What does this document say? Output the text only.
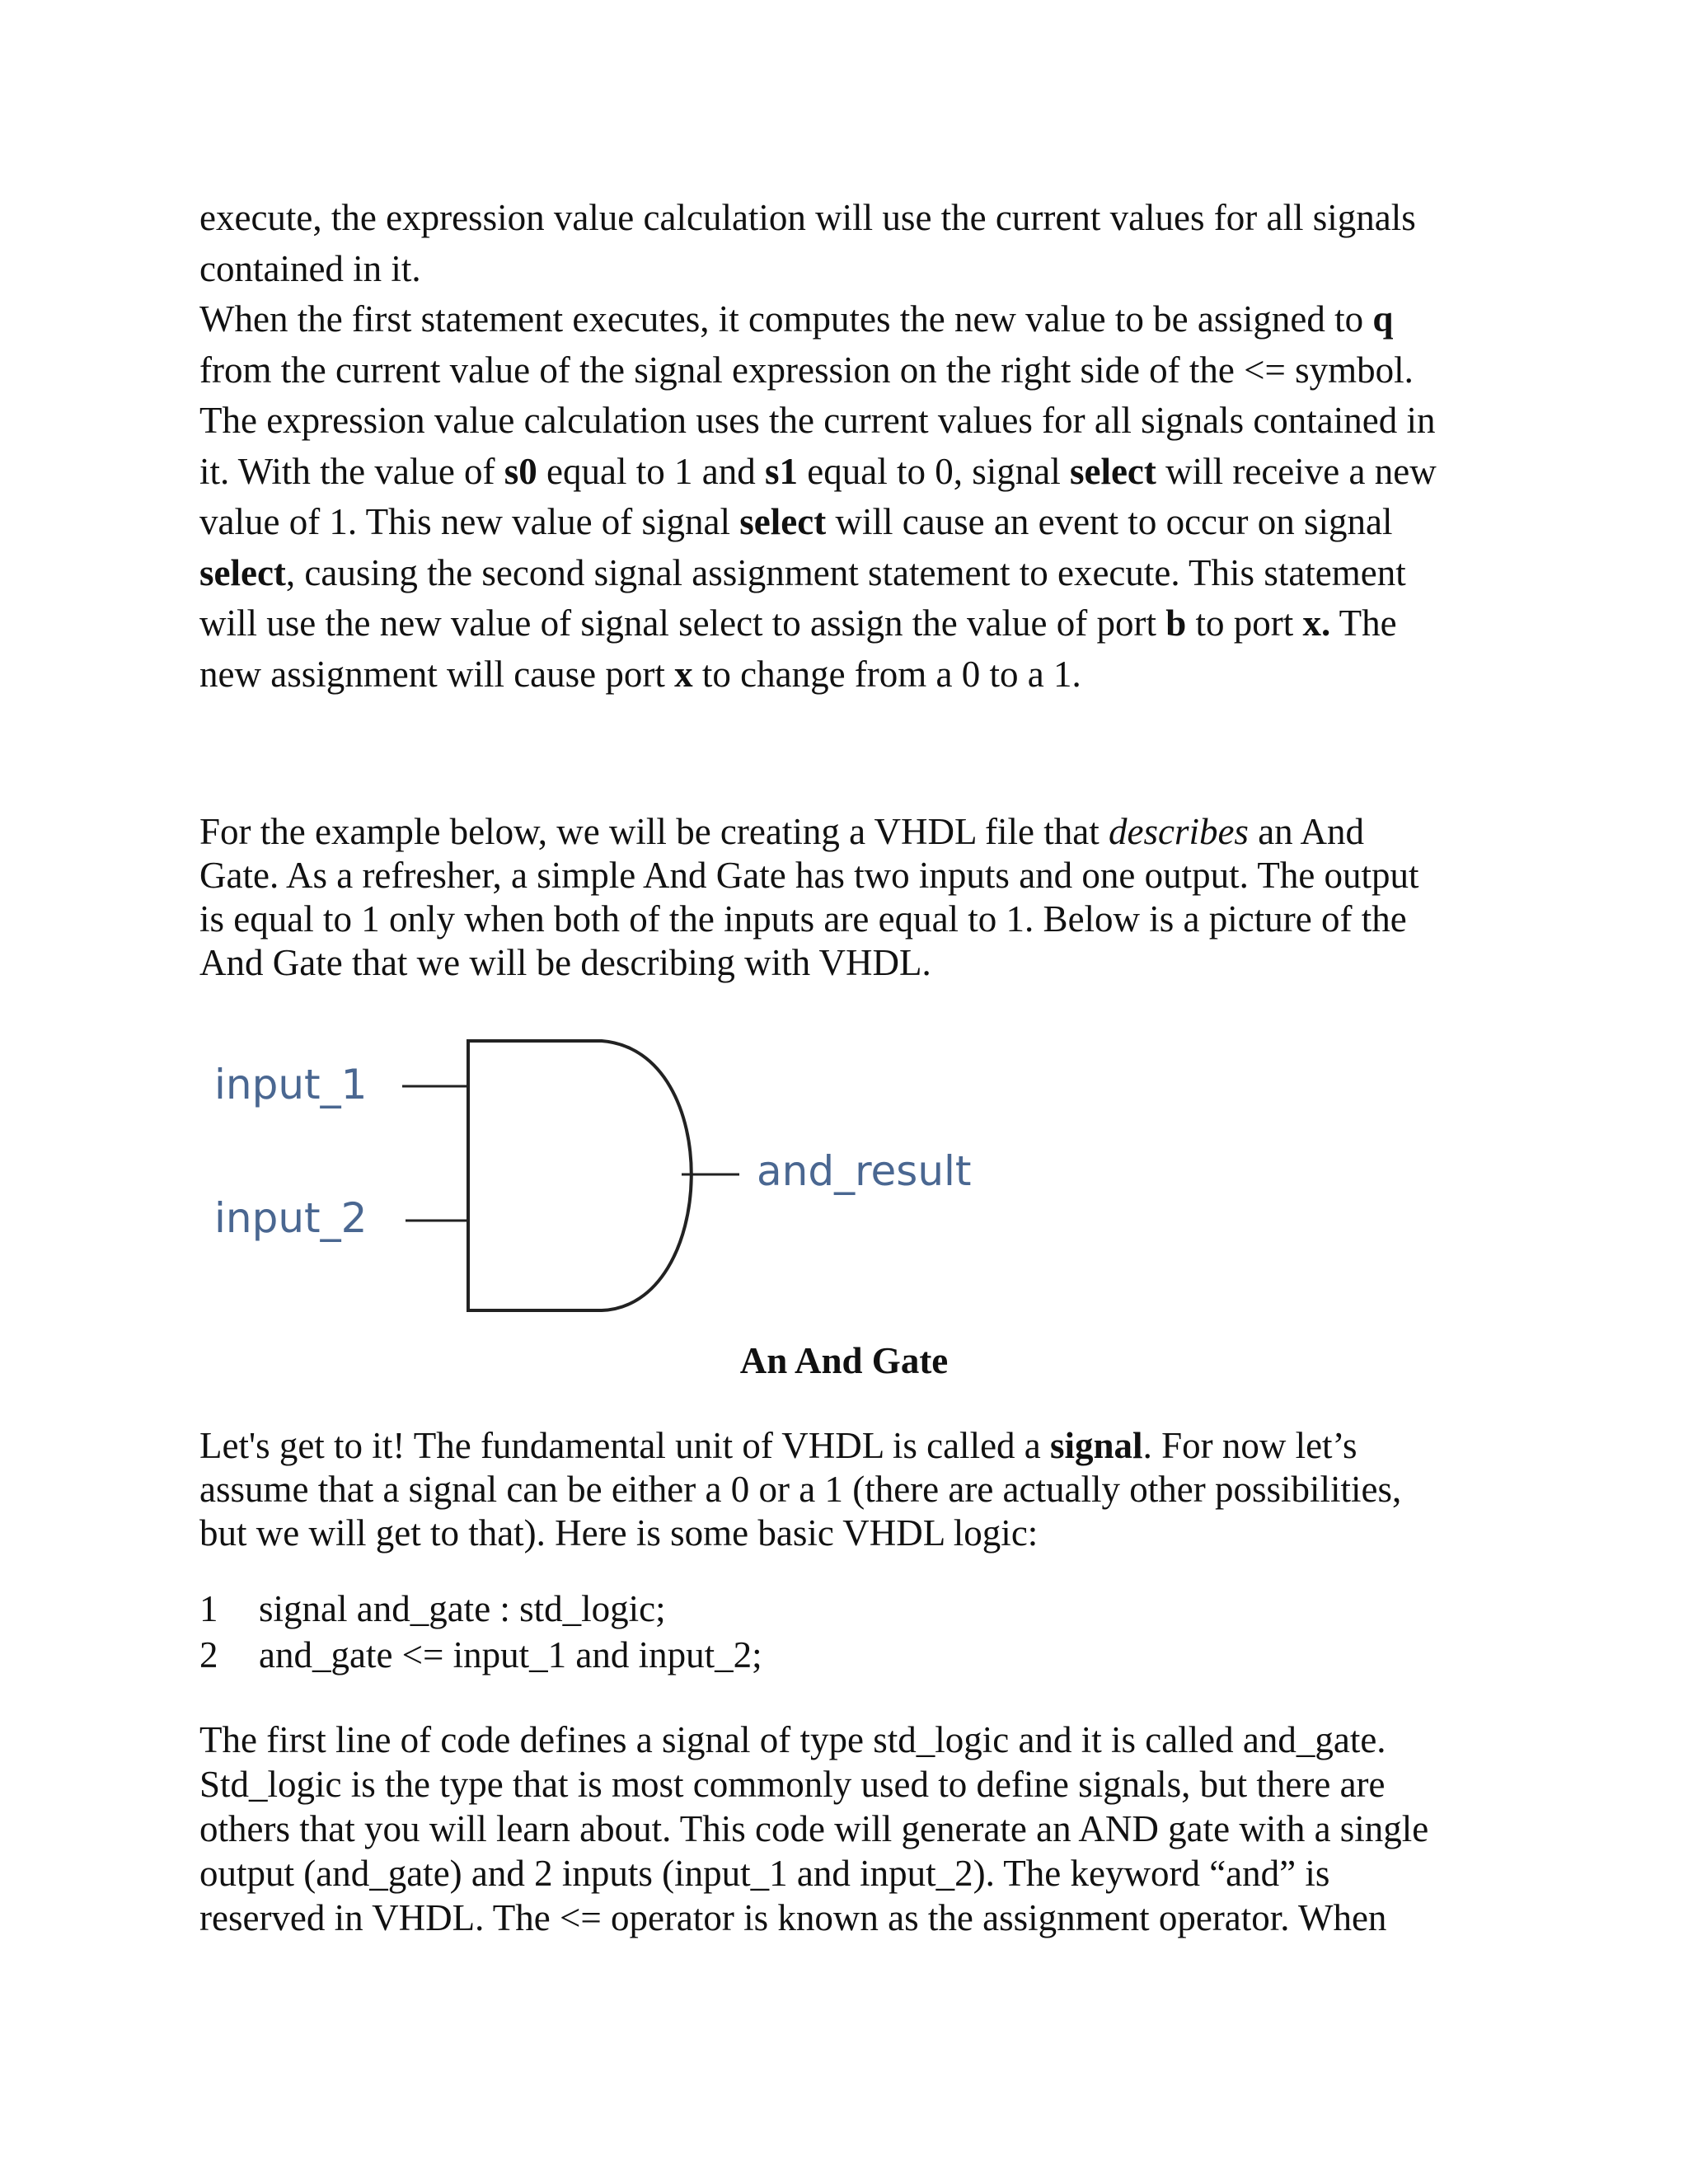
execute, the expression value calculation will use the current values for all signals
contained in it.
When the first statement executes, it computes the new value to be assigned to q
from the current value of the signal expression on the right side of the <= symbol.
The expression value calculation uses the current values for all signals contained in
it. With the value of s0 equal to 1 and s1 equal to 0, signal select will receive a new
value of 1. This new value of signal select will cause an event to occur on signal
select, causing the second signal assignment statement to execute. This statement
will use the new value of signal select to assign the value of port b to port x. The
new assignment will cause port x to change from a 0 to a 1.

For the example below, we will be creating a VHDL file that describes an And
Gate. As a refresher, a simple And Gate has two inputs and one output. The output
is equal to 1 only when both of the inputs are equal to 1. Below is a picture of the
And Gate that we will be describing with VHDL.

input_1
input_2
and_result

An And Gate

Let's get to it! The fundamental unit of VHDL is called a signal. For now let’s
assume that a signal can be either a 0 or a 1 (there are actually other possibilities,
but we will get to that). Here is some basic VHDL logic:

1 signal and_gate : std_logic;
2 and_gate <= input_1 and input_2;

The first line of code defines a signal of type std_logic and it is called and_gate.
Std_logic is the type that is most commonly used to define signals, but there are
others that you will learn about. This code will generate an AND gate with a single
output (and_gate) and 2 inputs (input_1 and input_2). The keyword “and” is
reserved in VHDL. The <= operator is known as the assignment operator. When
